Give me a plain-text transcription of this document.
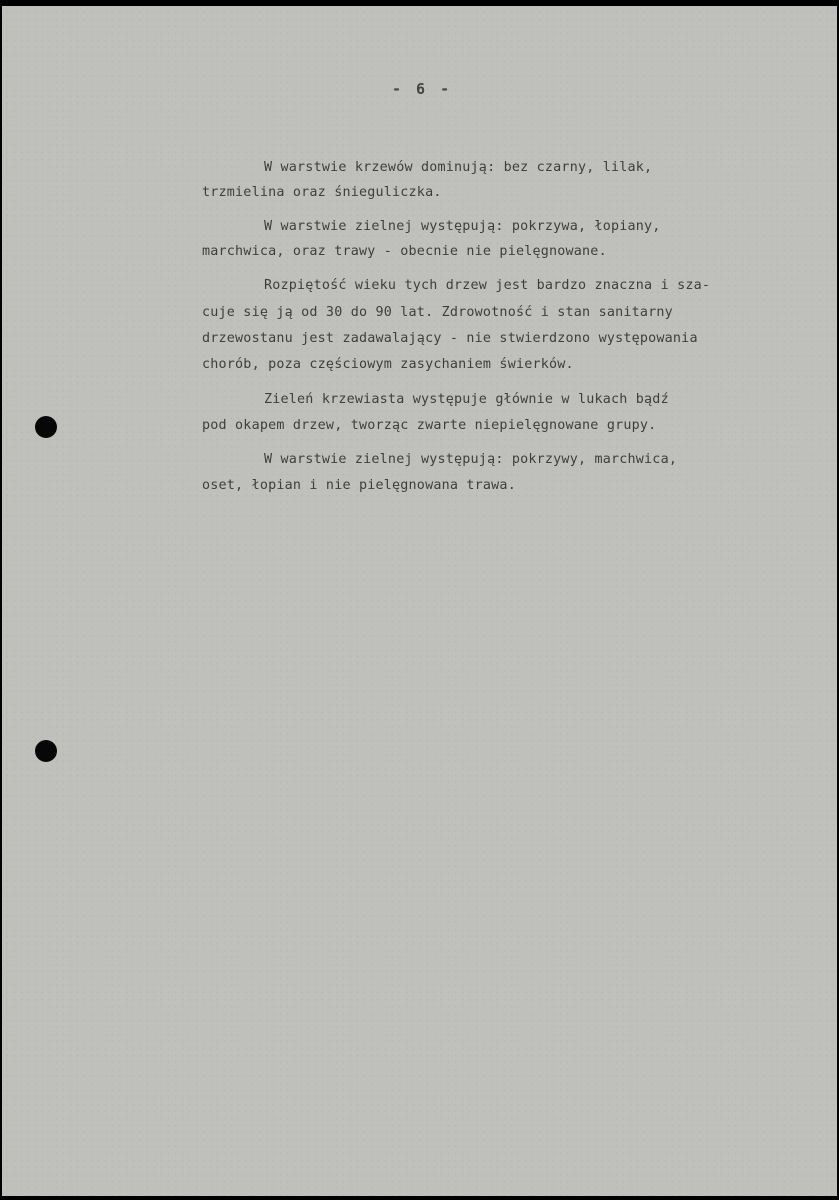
- 6 -
W warstwie krzewów dominują: bez czarny, lilak,
trzmielina oraz śnieguliczka.
W warstwie zielnej występują: pokrzywa, łopiany,
marchwica, oraz trawy - obecnie nie pielęgnowane.
Rozpiętość wieku tych drzew jest bardzo znaczna i sza-
cuje się ją od 30 do 90 lat. Zdrowotność i stan sanitarny
drzewostanu jest zadawalający - nie stwierdzono występowania
chorób, poza częściowym zasychaniem świerków.
Zieleń krzewiasta występuje głównie w lukach bądź
pod okapem drzew, tworząc zwarte niepielęgnowane grupy.
W warstwie zielnej występują: pokrzywy, marchwica,
oset, łopian i nie pielęgnowana trawa.
